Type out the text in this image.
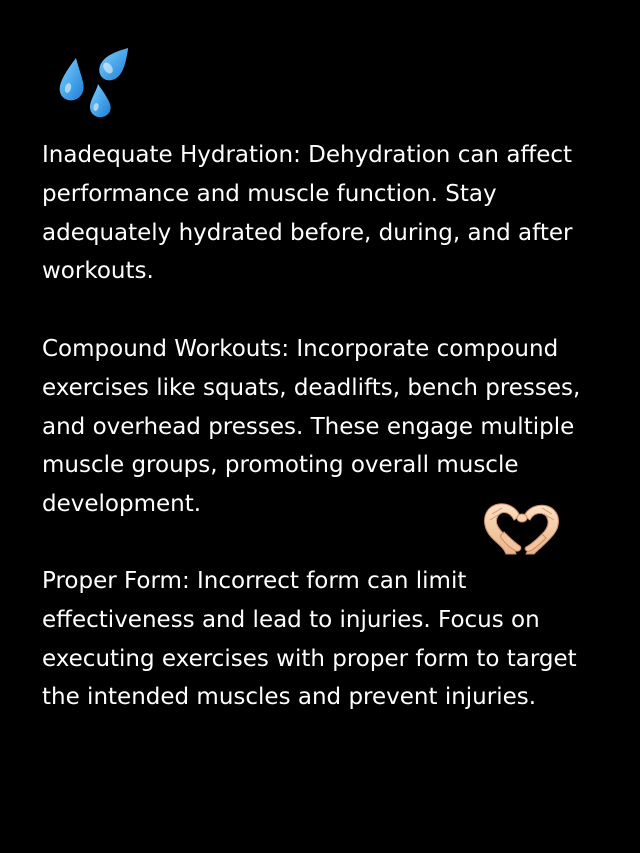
Inadequate Hydration: Dehydration can affect performance and muscle function. Stay adequately hydrated before, during, and after workouts.

Compound Workouts: Incorporate compound exercises like squats, deadlifts, bench presses, and overhead presses. These engage multiple muscle groups, promoting overall muscle development.

Proper Form: Incorrect form can limit effectiveness and lead to injuries. Focus on executing exercises with proper form to target the intended muscles and prevent injuries.
